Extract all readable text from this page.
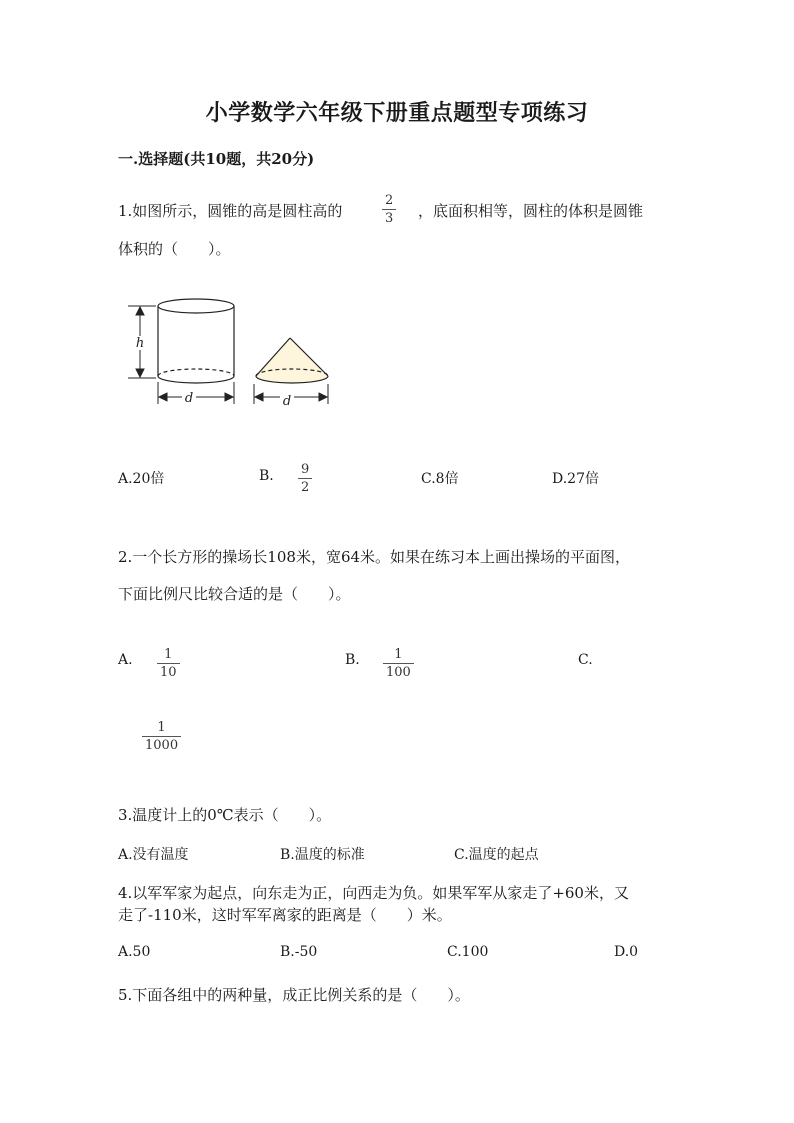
小学数学六年级下册重点题型专项练习
一.选择题(共10题，共20分)
1.如图所示，圆锥的高是圆柱高的
2
3 ，底面积相等，圆柱的体积是圆锥
体积的（　　）。
h
d	d
A.20倍	B. 9
2
C.8倍	D.27倍
2.一个长方形的操场长108米，宽64米。如果在练习本上画出操场的平面图，
下面比例尺比较合适的是（　　）。
A. 1
10
B.	1
100
C.
1
1000
3.温度计上的0℃表示（　　）。
A.没有温度	B.温度的标准	C.温度的起点
4.以军军家为起点，向东走为正，向西走为负。如果军军从家走了+60米，又
走了-110米，这时军军离家的距离是（　　）米。
A.50	B.-50	C.100	D.0
5.下面各组中的两种量，成正比例关系的是（　　）。
